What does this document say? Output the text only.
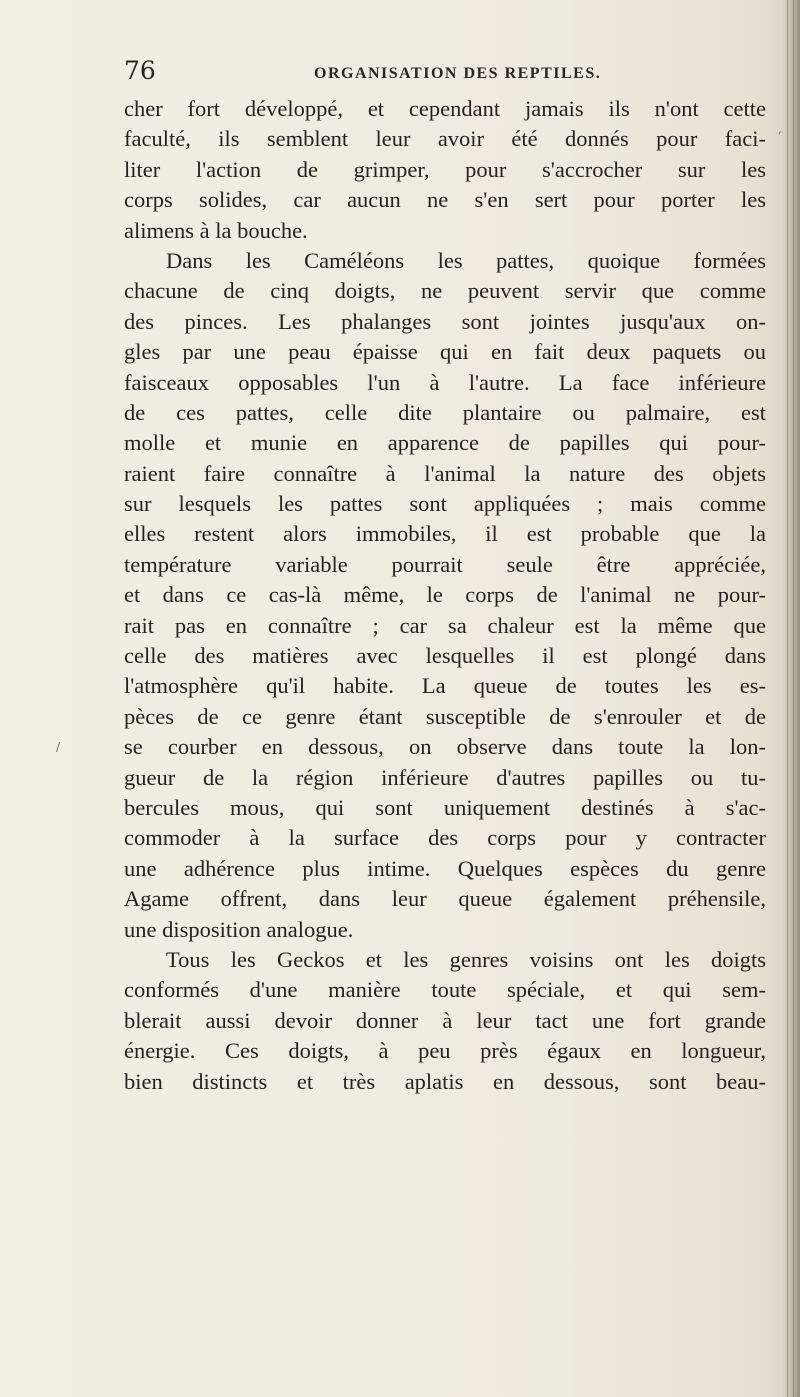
/
,
76	ORGANISATION DES REPTILES.
cher fort développé, et cependant jamais ils n'ont cette
faculté, ils semblent leur avoir été donnés pour faci-
liter l'action de grimper, pour s'accrocher sur les
corps solides, car aucun ne s'en sert pour porter les
alimens à la bouche.
Dans les Caméléons les pattes, quoique formées
chacune de cinq doigts, ne peuvent servir que comme
des pinces. Les phalanges sont jointes jusqu'aux on-
gles par une peau épaisse qui en fait deux paquets ou
faisceaux opposables l'un à l'autre. La face inférieure
de ces pattes, celle dite plantaire ou palmaire, est
molle et munie en apparence de papilles qui pour-
raient faire connaître à l'animal la nature des objets
sur lesquels les pattes sont appliquées ; mais comme
elles restent alors immobiles, il est probable que la
température variable pourrait seule être appréciée,
et dans ce cas-là même, le corps de l'animal ne pour-
rait pas en connaître ; car sa chaleur est la même que
celle des matières avec lesquelles il est plongé dans
l'atmosphère qu'il habite. La queue de toutes les es-
pèces de ce genre étant susceptible de s'enrouler et de
se courber en dessous, on observe dans toute la lon-
gueur de la région inférieure d'autres papilles ou tu-
bercules mous, qui sont uniquement destinés à s'ac-
commoder à la surface des corps pour y contracter
une adhérence plus intime. Quelques espèces du genre
Agame offrent, dans leur queue également préhensile,
une disposition analogue.
Tous les Geckos et les genres voisins ont les doigts
conformés d'une manière toute spéciale, et qui sem-
blerait aussi devoir donner à leur tact une fort grande
énergie. Ces doigts, à peu près égaux en longueur,
bien distincts et très aplatis en dessous, sont beau-
